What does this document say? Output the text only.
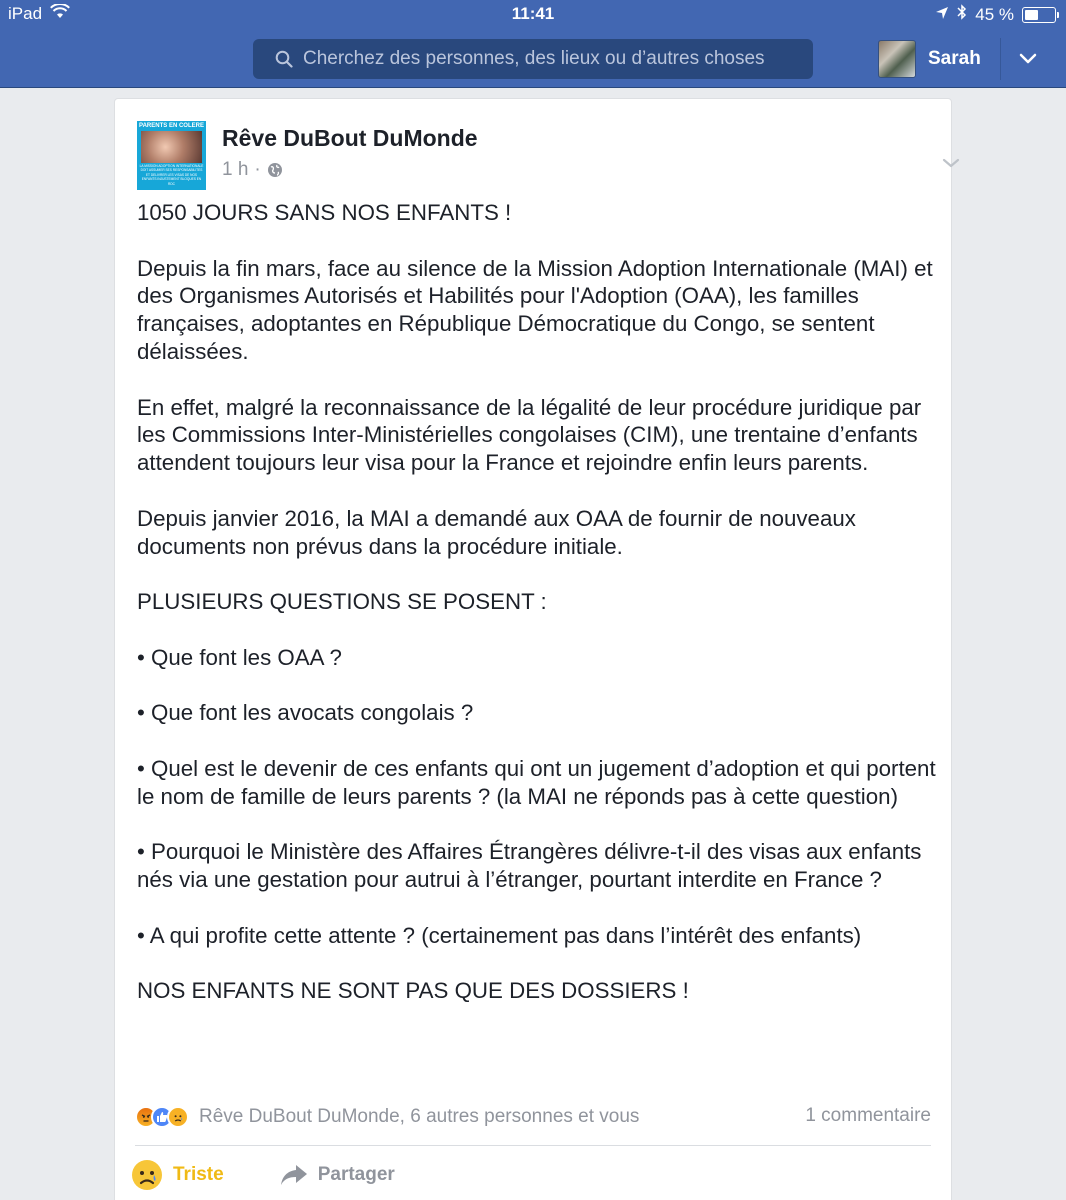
iPad	11:41	45 %
Cherchez des personnes, des lieux ou d’autres choses
Sarah
PARENTS EN COLERE
LA MISSION ADOPTION INTERNATIONALE DOIT ASSUMER SES RESPONSABILITES ET DELIVRER LES VISAS DE NOS ENFANTS INJUSTEMENT BLOQUES EN RDC
Rêve DuBout DuMonde
1 h ·

1050 JOURS SANS NOS ENFANTS !

Depuis la fin mars, face au silence de la Mission Adoption Internationale (MAI) et des Organismes Autorisés et Habilités pour l'Adoption (OAA), les familles françaises, adoptantes en République Démocratique du Congo, se sentent délaissées.

En effet, malgré la reconnaissance de la légalité de leur procédure juridique par les Commissions Inter-Ministérielles congolaises (CIM), une trentaine d’enfants attendent toujours leur visa pour la France et rejoindre enfin leurs parents.

Depuis janvier 2016, la MAI a demandé aux OAA de fournir de nouveaux documents non prévus dans la procédure initiale.

PLUSIEURS QUESTIONS SE POSENT :

• Que font les OAA ?

• Que font les avocats congolais ?

• Quel est le devenir de ces enfants qui ont un jugement d’adoption et qui portent le nom de famille de leurs parents ? (la MAI ne réponds pas à cette question)

• Pourquoi le Ministère des Affaires Étrangères délivre-t-il des visas aux enfants nés via une gestation pour autrui à l’étranger, pourtant interdite en France ?

• A qui profite cette attente ? (certainement pas dans l’intérêt des enfants)

NOS ENFANTS NE SONT PAS QUE DES DOSSIERS !

Rêve DuBout DuMonde, 6 autres personnes et vous	1 commentaire
Triste	Partager
